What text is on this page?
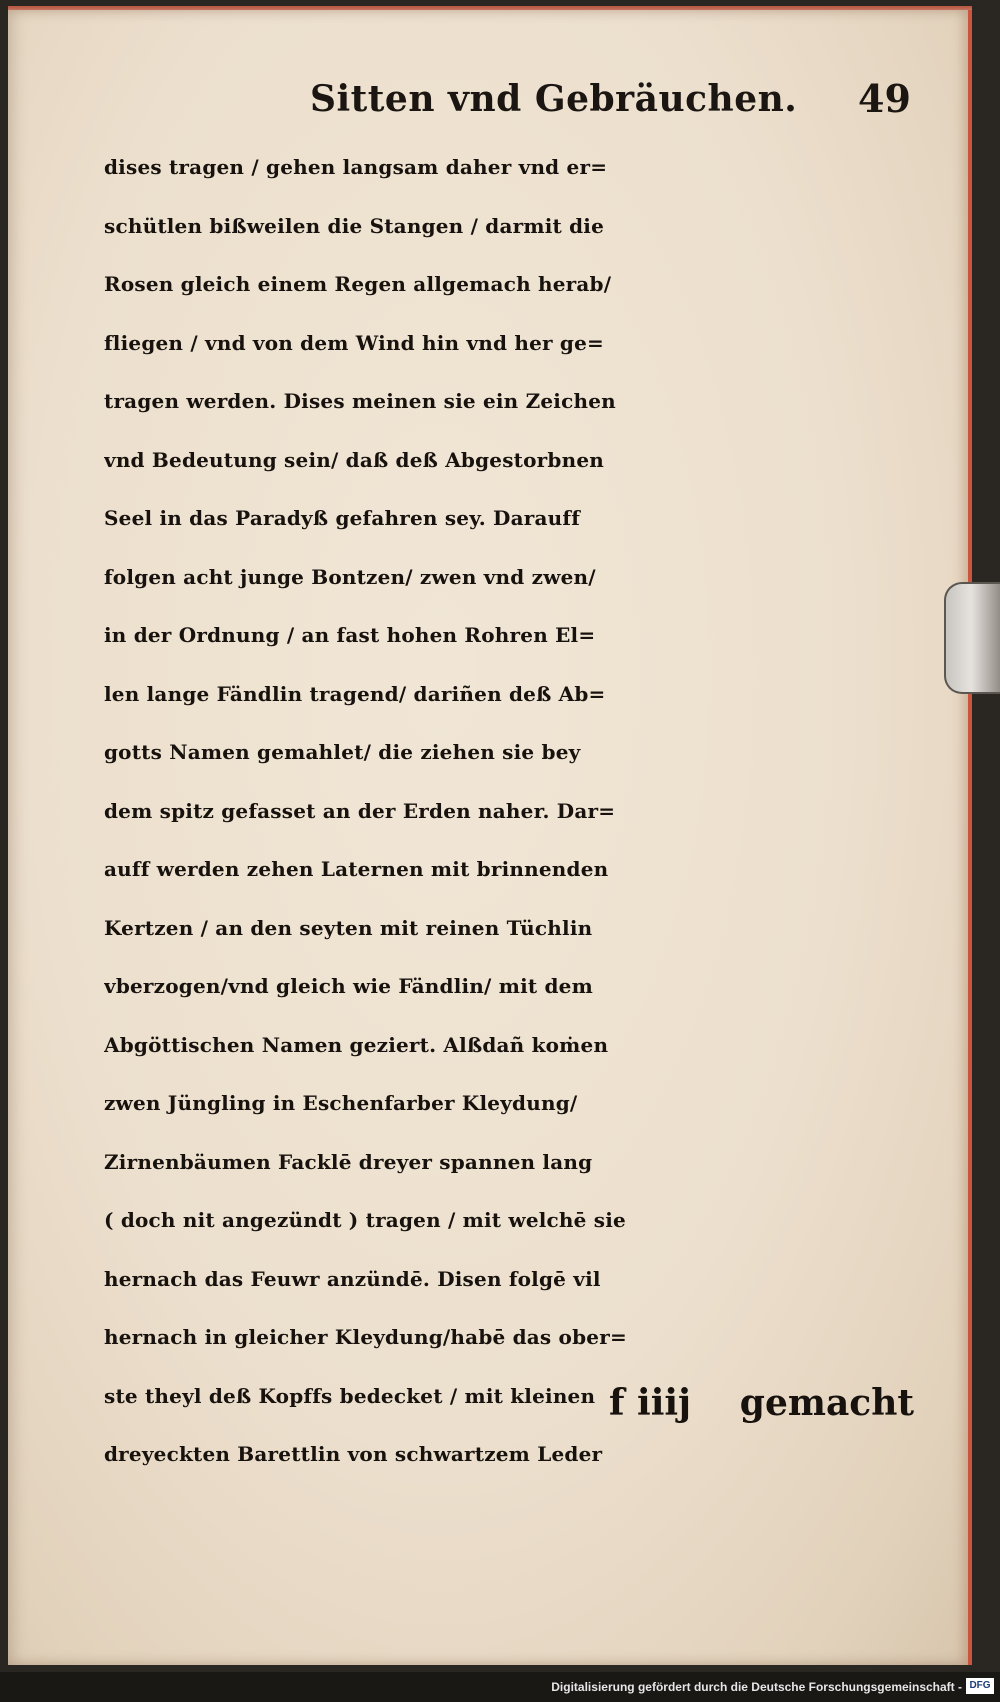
Sitten vnd Gebräuchen. 49
dises tragen / gehen langsam daher vnd er=
schütlen bißweilen die Stangen / darmit die
Rosen gleich einem Regen allgemach herab/
fliegen / vnd von dem Wind hin vnd her ge=
tragen werden. Dises meinen sie ein Zeichen
vnd Bedeutung sein/ daß deß Abgestorbnen
Seel in das Paradyß gefahren sey. Darauff
folgen acht junge Bontzen/ zwen vnd zwen/
in der Ordnung / an fast hohen Rohren El=
len lange Fändlin tragend/ dariñen deß Ab=
gotts Namen gemahlet/ die ziehen sie bey
dem spitz gefasset an der Erden naher. Dar=
auff werden zehen Laternen mit brinnenden
Kertzen / an den seyten mit reinen Tüchlin
vberzogen/vnd gleich wie Fändlin/ mit dem
Abgöttischen Namen geziert. Alßdañ koṁen
zwen Jüngling in Eschenfarber Kleydung/
Zirnenbäumen Facklē dreyer spannen lang
( doch nit angezündt ) tragen / mit welchē sie
hernach das Feuwr anzündē. Disen folgē vil
hernach in gleicher Kleydung/habē das ober=
ste theyl deß Kopffs bedecket / mit kleinen
dreyeckten Barettlin von schwartzem Leder
f iiij gemacht
Digitalisierung gefördert durch die Deutsche Forschungsgemeinschaft - DFG
